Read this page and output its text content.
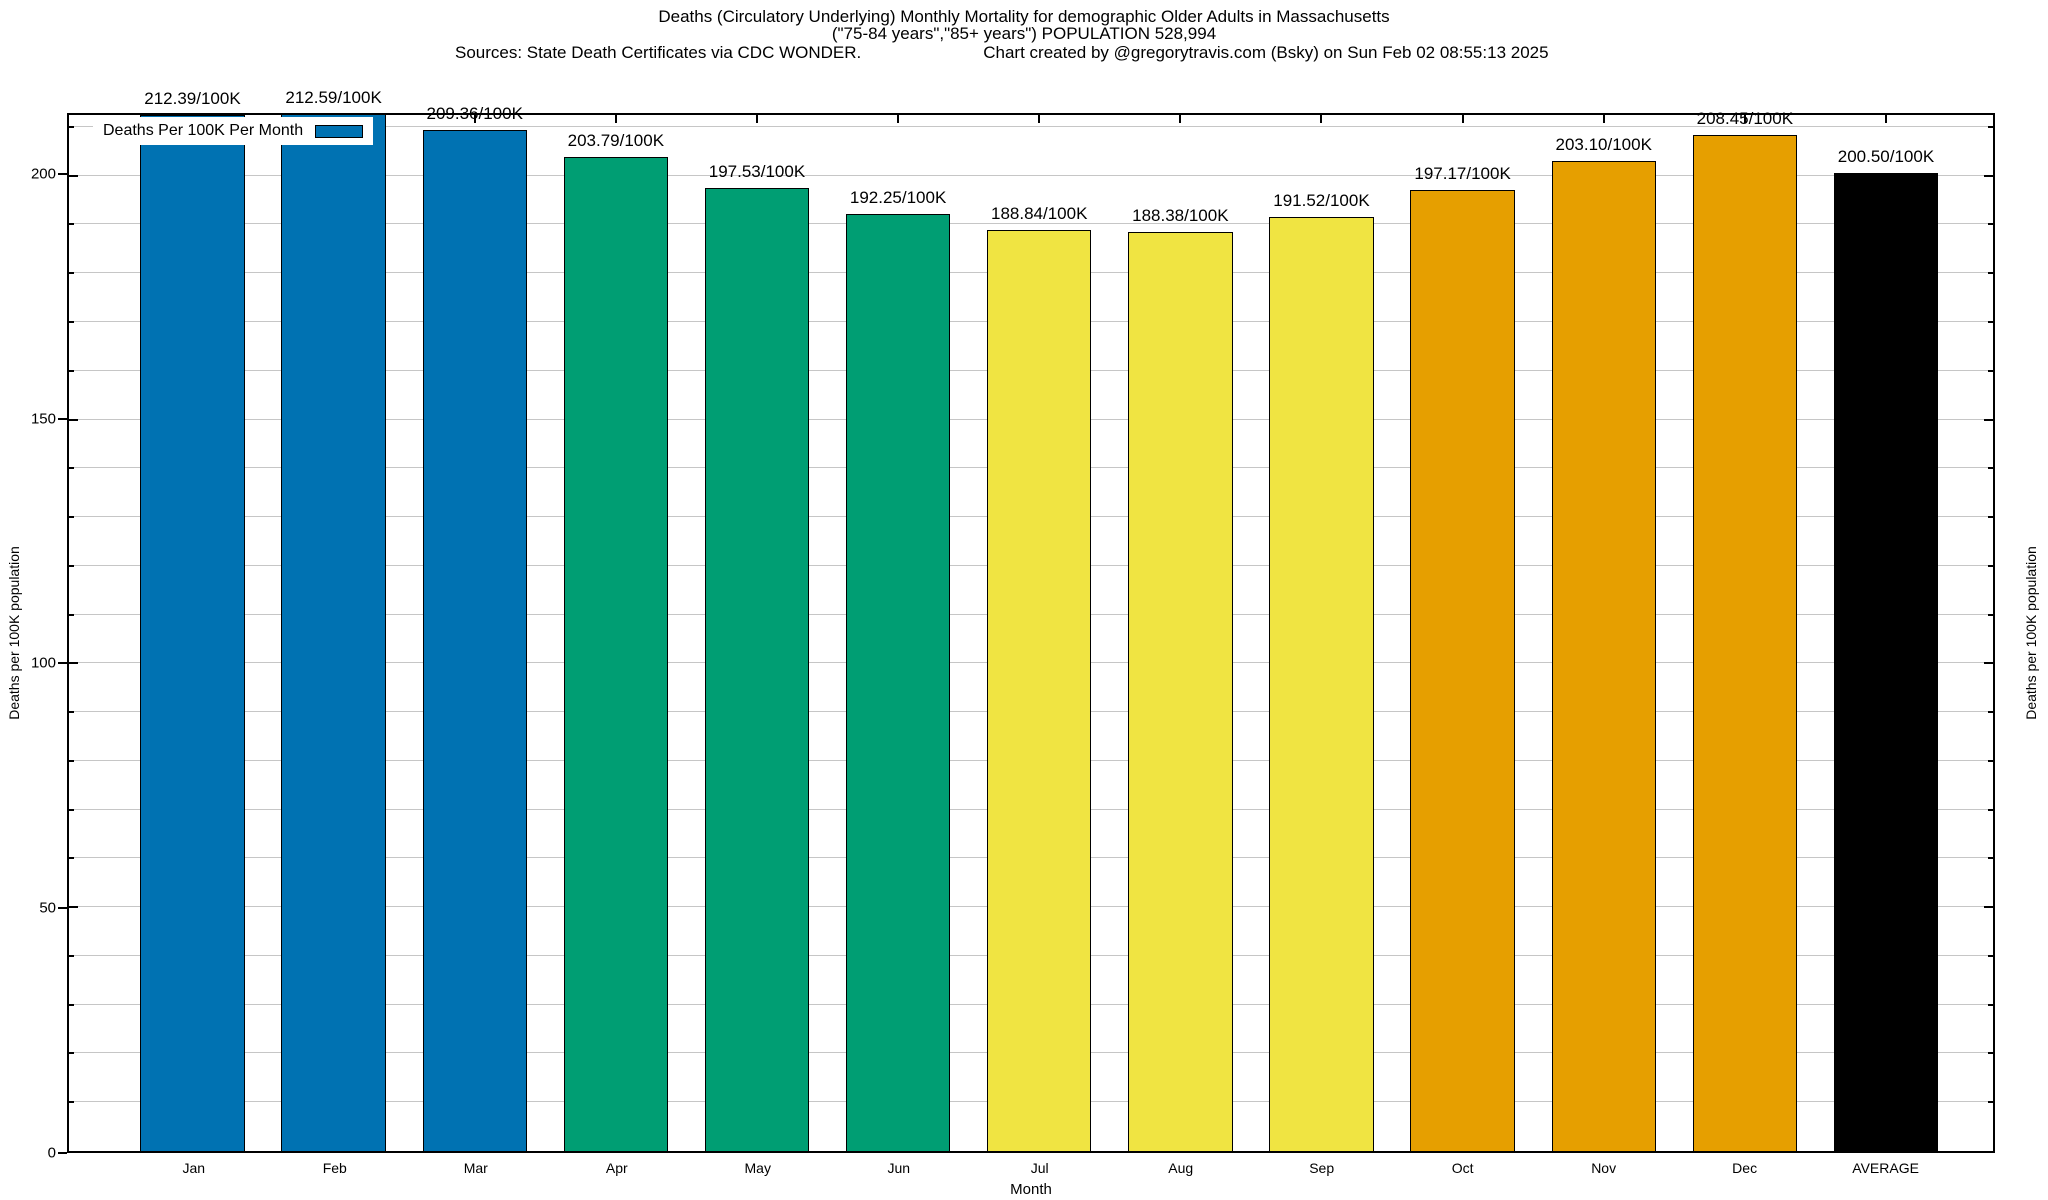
Deaths (Circulatory Underlying) Monthly Mortality for demographic Older Adults in Massachusetts
("75-84 years","85+ years") POPULATION 528,994
Sources: State Death Certificates via CDC WONDER.	Chart created by @gregorytravis.com (Bsky) on Sun Feb 02 08:55:13 2025
0
50
100
150
200
212.39/100K	212.59/100K
209.36/100K
203.79/100K
197.53/100K
192.25/100K
188.84/100K	188.38/100K
191.52/100K
197.17/100K
203.10/100K
208.45/100K
200.50/100K
Deaths Per 100K Per Month
Jan	Feb	Mar	Apr	May	Jun	Jul	Aug	Sep	Oct	Nov	Dec	AVERAGE
Month
Deaths per 100K population	Deaths per 100K population
